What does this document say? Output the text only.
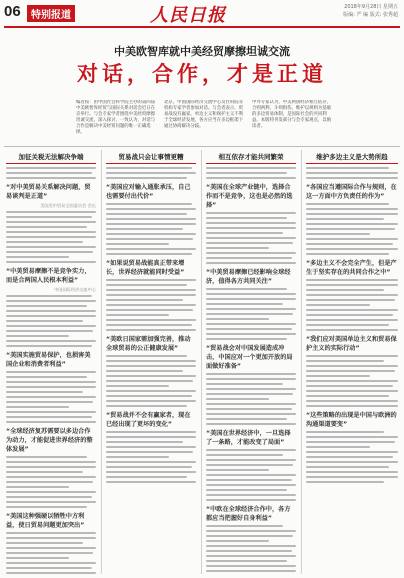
06	特别报道	人民日报	2018年9月28日 星期五
版编: 严 编 版式: 张秀超
中美欧智库就中美经贸摩擦坦诚交流
对话，合作，才是正道
编者按：由中国社会科学院主办的第四届中美欧智库经贸与国际关系对话会近日在京举行。与会专家学者围绕中美经贸摩擦坦诚交流，深入探讨，一致认为，对话与合作是解决中美经贸问题的唯一正确选择。
北京、中国国际经济交流中心及社科院等机构专家学者参加对话。与会者表示，贸易战没有赢家，单边主义和保护主义不利于全球经济发展，各方应当在多边框架下通过协商解决分歧。
中外专家认为，中美两国经济相互依存，合则两利、斗则俱伤。维护以规则为基础的多边贸易体制，是国际社会的共同利益。本版特刊发部分与会专家观点，以飨读者。
加征关税无法解决争端
“对中美贸易关系解决问题，贸易谈判是正道”
美国美中贸易全国委员会 会长
“中美贸易摩擦不是竞争实力，而是合两国人民根本利益”
中国国际经济交流中心
“美国实施贸易保护，也损害美国企业和消费者利益”
“全球经济复苏需要以多边合作为动力，才能促进世界经济的整体发展”
“美国这种强硬以牺牲中方利益，使日贸易问题更加突出”
贸易战只会让事情更糟
“美国应对输入通胀承压，自己也需要付出代价”
“如果说贸易战能真正带来增长，世界经济就能同时受益”
“美欧日国家需加强完善，推动全球贸易的公正健康发展”
“贸易战并不会有赢家者，现在已经出现了更坏的变化”
相互依存才能共同繁荣
“美国在全球产业链中，选择合作而不是竞争，这也是必然的选择”
“中美贸易摩擦已经影响全球经济，值得各方共同关注”
“贸易战会对中国发展造成冲击，中国应对一个更加开放的局面做好准备”
“美国在世界经济中，一旦选择了一条路，才能改变了局面”
“中欧在全球经济合作中，各方都应当把握好自身利益”
维护多边主义是大势所趋
“各国应当遵国际合作与规则，在这一方面中方负责任的作为”
“多边主义不会完全产生，但是产生于坚实存在的共同合作之中”
“我们应对美国单边主义和贸易保护主义的实际行动”
“这些策略的出现是中国与欧洲的沟通渠道要变”
